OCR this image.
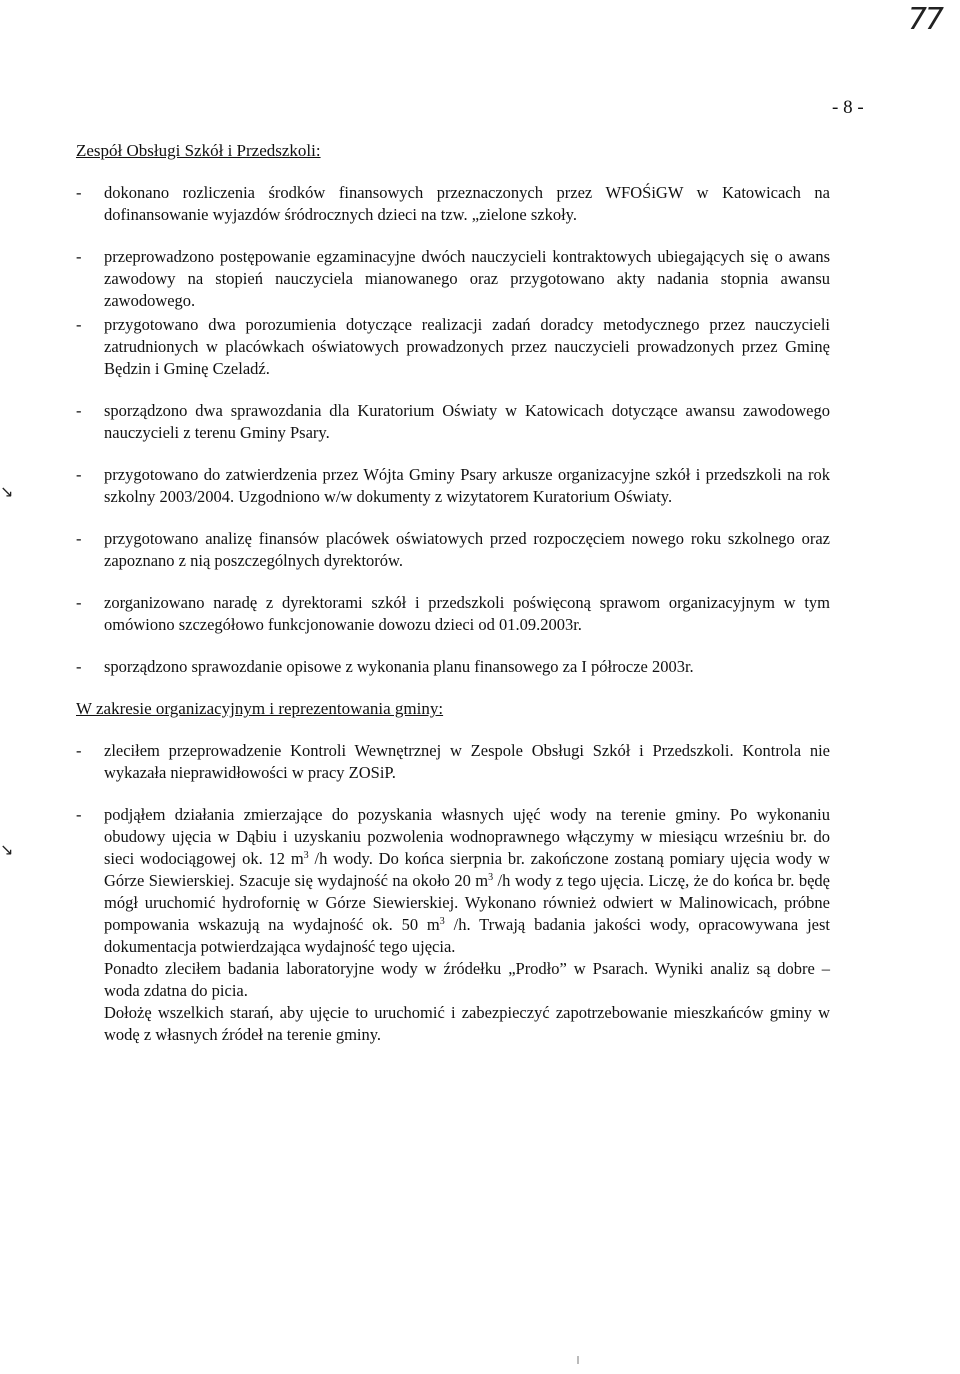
77
- 8 -
↘
↘
Zespół Obsługi Szkół i Przedszkoli:
- dokonano rozliczenia środków finansowych przeznaczonych przez WFOŚiGW w Katowicach na dofinansowanie wyjazdów śródrocznych dzieci na tzw. „zielone szkoły.

- przeprowadzono postępowanie egzaminacyjne dwóch nauczycieli kontraktowych ubiegających się o awans zawodowy na stopień nauczyciela mianowanego oraz przygotowano akty nadania stopnia awansu zawodowego.

- przygotowano dwa porozumienia dotyczące realizacji zadań doradcy metodycznego przez nauczycieli zatrudnionych w placówkach oświatowych prowadzonych przez nauczycieli prowadzonych przez Gminę Będzin i Gminę Czeladź.

- sporządzono dwa sprawozdania dla Kuratorium Oświaty w Katowicach dotyczące awansu zawodowego nauczycieli z terenu Gminy Psary.

- przygotowano do zatwierdzenia przez Wójta Gminy Psary arkusze organizacyjne szkół i przedszkoli na rok szkolny 2003/2004. Uzgodniono w/w dokumenty z wizytatorem Kuratorium Oświaty.

- przygotowano analizę finansów placówek oświatowych przed rozpoczęciem nowego roku szkolnego oraz zapoznano z nią poszczególnych dyrektorów.

- zorganizowano naradę z dyrektorami szkół i przedszkoli poświęconą sprawom organizacyjnym w tym omówiono szczegółowo funkcjonowanie dowozu dzieci od 01.09.2003r.

- sporządzono sprawozdanie opisowe z wykonania planu finansowego za I półrocze 2003r.

W zakresie organizacyjnym i reprezentowania gminy:
- zleciłem przeprowadzenie Kontroli Wewnętrznej w Zespole Obsługi Szkół i Przedszkoli. Kontrola nie wykazała nieprawidłowości w pracy ZOSiP.

- podjąłem działania zmierzające do pozyskania własnych ujęć wody na terenie gminy. Po wykonaniu obudowy ujęcia w Dąbiu i uzyskaniu pozwolenia wodnoprawnego włączymy w miesiącu wrześniu br. do sieci wodociągowej ok. 12 $m^3$ /h wody. Do końca sierpnia br. zakończone zostaną pomiary ujęcia wody w Górze Siewierskiej. Szacuje się wydajność na około 20 $m^3$ /h wody z tego ujęcia. Liczę, że do końca br. będę mógł uruchomić hydrofornię w Górze Siewierskiej. Wykonano również odwiert w Malinowicach, próbne pompowania wskazują na wydajność ok. 50 $m^3$ /h. Trwają badania jakości wody, opracowywana jest dokumentacja potwierdzająca wydajność tego ujęcia.

Ponadto zleciłem badania laboratoryjne wody w źródełku „Prodło” w Psarach. Wyniki analiz są dobre – woda zdatna do picia.

Dołożę wszelkich starań, aby ujęcie to uruchomić i zabezpieczyć zapotrzebowanie mieszkańców gminy w wodę z własnych źródeł na terenie gminy.
